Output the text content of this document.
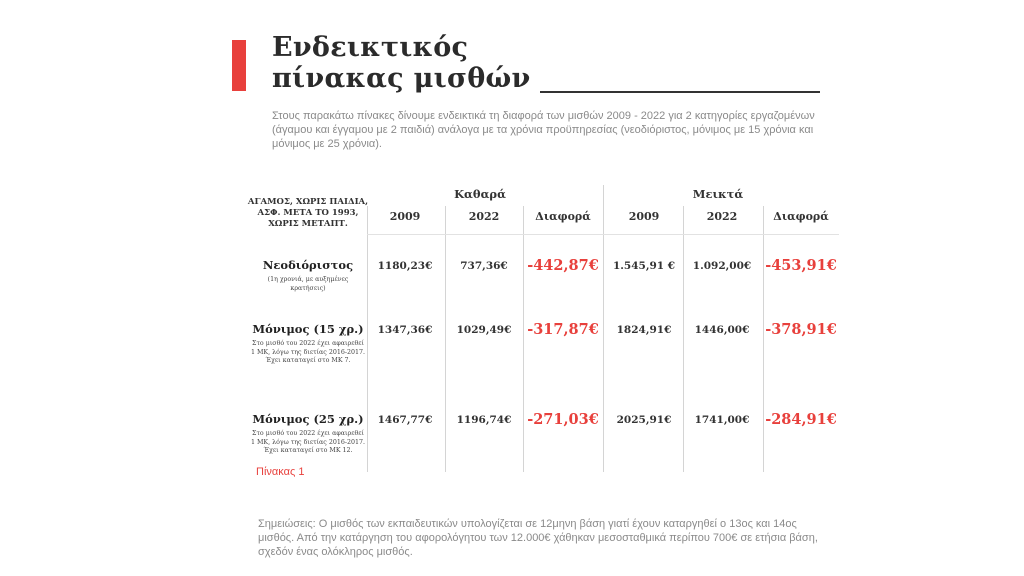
Ενδεικτικός
πίνακας μισθών

Στους παρακάτω πίνακες δίνουμε ενδεικτικά τη διαφορά των μισθών 2009 - 2022 για 2 κατηγορίες εργαζομένων (άγαμου και έγγαμου με 2 παιδιά) ανάλογα με τα χρόνια προϋπηρεσίας (νεοδιόριστος, μόνιμος με 15 χρόνια και μόνιμος με 25 χρόνια).

ΑΓΑΜΟΣ, ΧΩΡΙΣ ΠΑΙΔΙΑ,
ΑΣΦ. ΜΕΤΑ ΤΟ 1993,
ΧΩΡΙΣ ΜΕΤΑΠΤ.
Καθαρά	Μεικτά
2009	2022	Διαφορά	2009	2022	Διαφορά
Νεοδιόριστος
(1η χρονιά, με αυξημένες
κρατήσεις)
1180,23€	737,36€	-442,87€	1.545,91 €	1.092,00€ -453,91€
Μόνιμος (15 χρ.)
Στο μισθό του 2022 έχει αφαιρεθεί
1 ΜΚ, λόγω της διετίας 2016-2017.
Έχει καταταγεί στο ΜΚ 7.
1347,36€	1029,49€	-317,87€	1824,91€	1446,00€	-378,91€
Μόνιμος (25 χρ.)
Στο μισθό του 2022 έχει αφαιρεθεί
1 ΜΚ, λόγω της διετίας 2016-2017.
Έχει καταταγεί στο ΜΚ 12.
1467,77€	1196,74€	-271,03€	2025,91€	1741,00€	-284,91€
Πίνακας 1

Σημειώσεις: Ο μισθός των εκπαιδευτικών υπολογίζεται σε 12μηνη βάση γιατί έχουν καταργηθεί ο 13ος και 14ος μισθός. Από την κατάργηση του αφορολόγητου των 12.000€ χάθηκαν μεσοσταθμικά περίπου 700€ σε ετήσια βάση, σχεδόν ένας ολόκληρος μισθός.
